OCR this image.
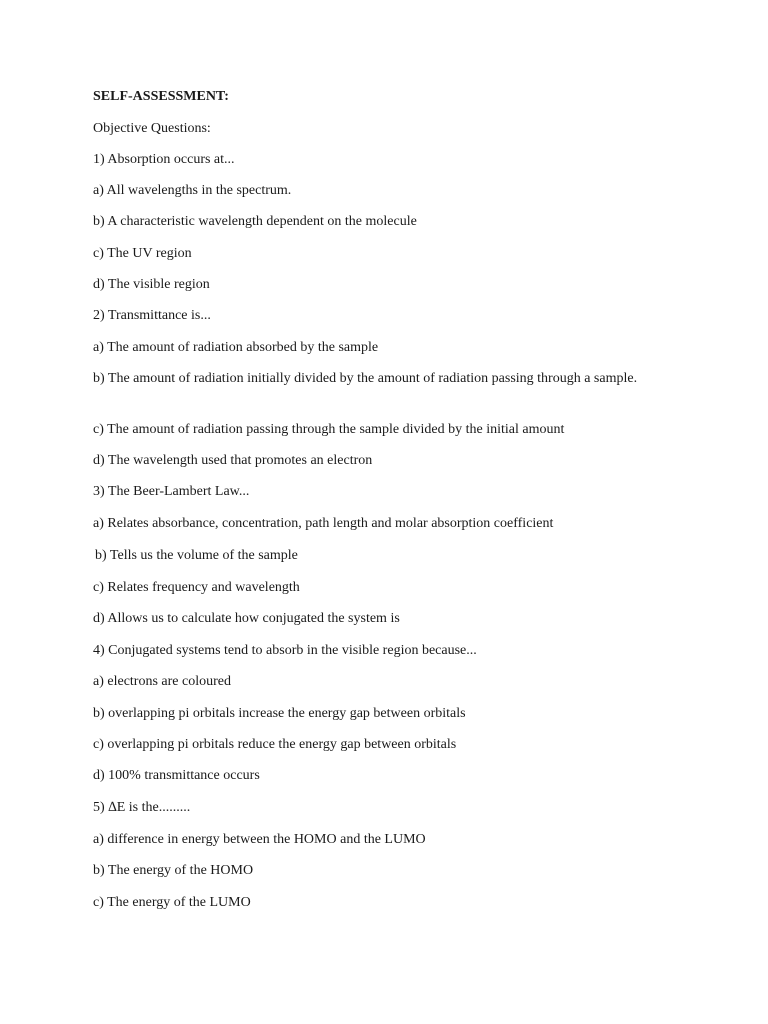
SELF-ASSESSMENT:
Objective Questions:
1) Absorption occurs at...
a) All wavelengths in the spectrum.
b) A characteristic wavelength dependent on the molecule
c) The UV region
d) The visible region
2) Transmittance is...
a) The amount of radiation absorbed by the sample
b) The amount of radiation initially divided by the amount of radiation passing through a sample.
c) The amount of radiation passing through the sample divided by the initial amount
d) The wavelength used that promotes an electron
3) The Beer-Lambert Law...
a) Relates absorbance, concentration, path length and molar absorption coefficient
b) Tells us the volume of the sample
c) Relates frequency and wavelength
d) Allows us to calculate how conjugated the system is
4) Conjugated systems tend to absorb in the visible region because...
a) electrons are coloured
b) overlapping pi orbitals increase the energy gap between orbitals
c) overlapping pi orbitals reduce the energy gap between orbitals
d) 100% transmittance occurs
5) ∆E is the.........
a) difference in energy between the HOMO and the LUMO
b) The energy of the HOMO
c) The energy of the LUMO
